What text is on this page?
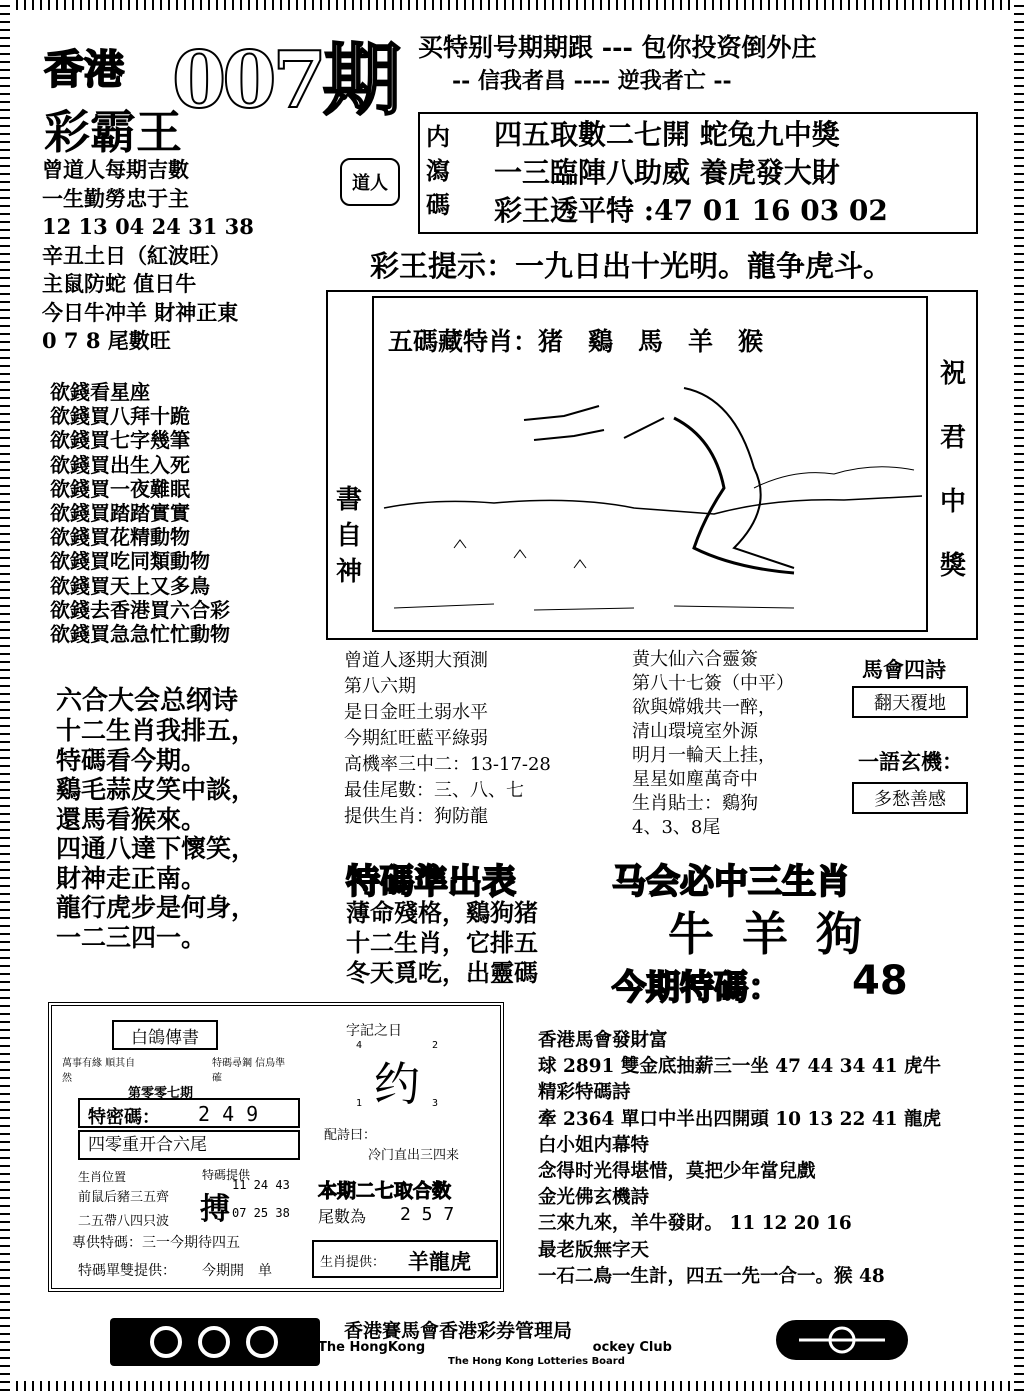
香港 007期
彩霸王
买特别号期期跟 --- 包你投资倒外庄
-- 信我者昌 ---- 逆我者亡 --
曾道人每期吉數
一生勤勞忠于主
12 13 04 24 31 38
辛丑土日（紅波旺）
主鼠防蛇 值日牛
今日牛冲羊 財神正東
0 7 8 尾數旺
道人
内瀉碼
四五取數二七開 蛇兔九中獎
一三臨陣八助威 養虎發大財
彩王透平特 :47 01 16 03 02
彩王提示：一九日出十光明。龍争虎斗。
書自神
五碼藏特肖：猪　鷄　馬　羊　猴
祝君中獎
欲錢看星座
欲錢買八拜十跪
欲錢買七字幾筆
欲錢買出生入死
欲錢買一夜難眠
欲錢買踏踏實實
欲錢買花精動物
欲錢買吃同類動物
欲錢買天上又多鳥
欲錢去香港買六合彩
欲錢買急急忙忙動物
六合大会总纲诗
十二生肖我排五，
特碼看今期。
鷄毛蒜皮笑中談，
還馬看猴來。
四通八達下懷笑，
財神走正南。
龍行虎步是何身，
一二三四一。
曾道人逐期大預測
第八六期
是日金旺土弱水平
今期紅旺藍平綠弱
高機率三中二：13-17-28
最佳尾數：三、八、七
提供生肖：狗防龍
黄大仙六合靈簽
第八十七簽（中平）
欲與嫦娥共一醉，
清山環境室外源
明月一輪天上挂，
星星如塵萬奇中
生肖貼士：鷄狗
4、3、8尾
馬會四詩
翻天覆地
一語玄機：
多愁善感
特碼準出表
薄命殘格，鷄狗猪
十二生肖，它排五
冬天覓吃，出靈碼
马会必中三生肖
牛 羊 狗
今期特碼： 48
白鴿傳書
萬事有緣 順其自然
特碼尋鋼 信鳥準確
第零零七期
特密碼： 2 4 9
四零重开合六尾
生肖位置
前鼠后豬三五齊
特碼提供
搏
11 24 43
07 25 38
二五帶八四只波
專供特碼：三一今期待四五
特碼單雙提供： 今期開　单
字記之日
4	2
约
1	3
配詩曰：
冷门直出三四来
本期二七取合数
尾數為 2 5 7
生肖提供： 羊龍虎
香港馬會發財富
球 2891 雙金底抽薪三一坐 47 44 34 41 虎牛
精彩特碼詩
牽 2364 單口中半出四開頭 10 13 22 41 龍虎
白小姐内幕特
念得时光得堪惜，莫把少年當兒戲
金光佛玄機詩
三來九來，羊牛發財。 11 12 20 16
最老版無字天
一石二鳥一生計，四五一先一合一。猴 48
香港賽馬會香港彩券管理局
The HongKong                                     ockey Club
The Hong Kong Lotteries Board
